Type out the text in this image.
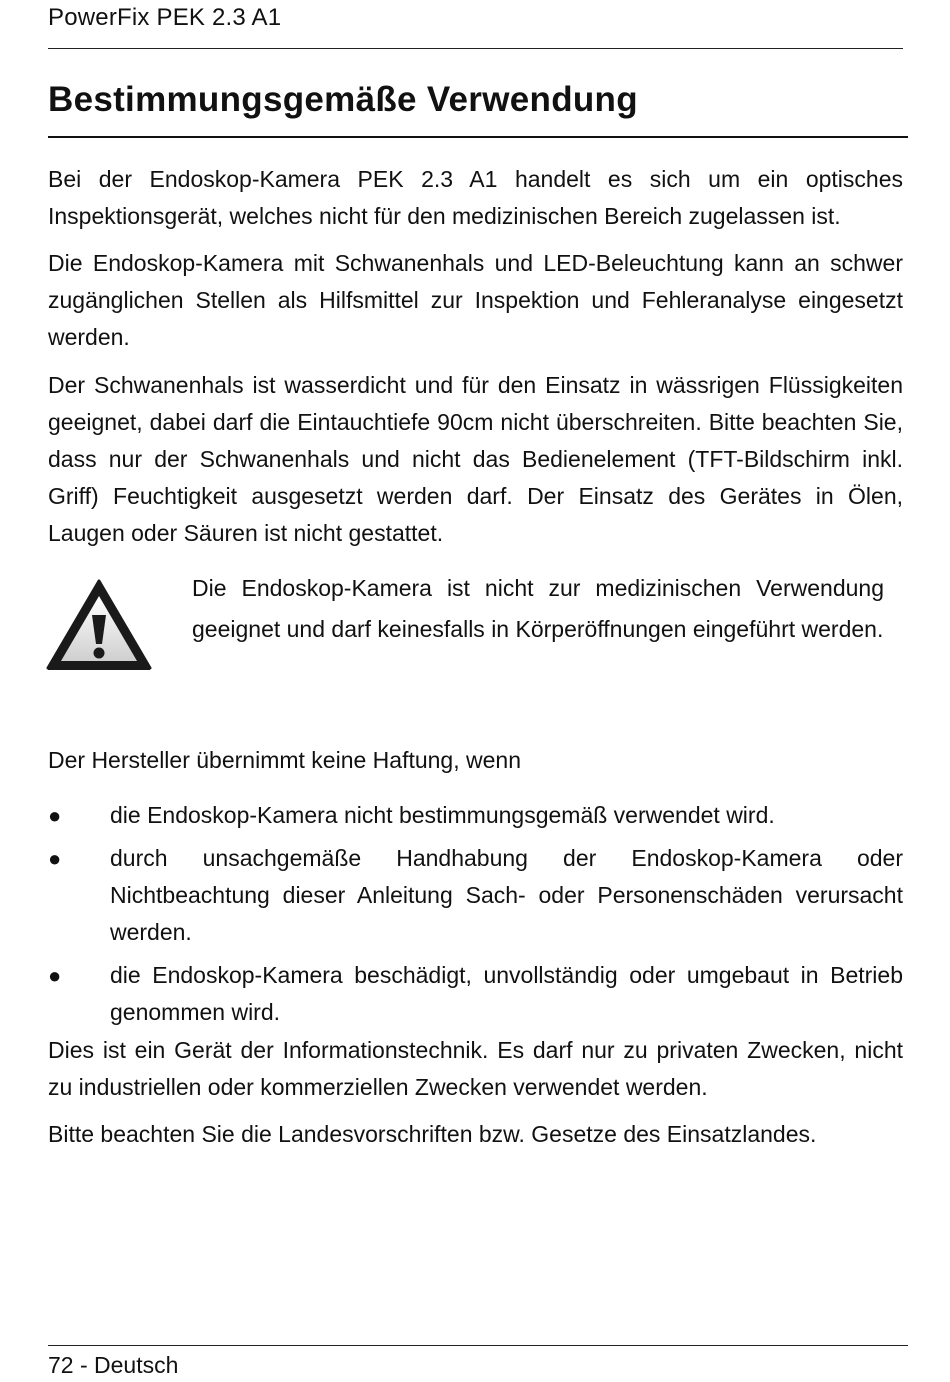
PowerFix PEK 2.3 A1
Bestimmungsgemäße Verwendung

Bei der Endoskop-Kamera PEK 2.3 A1 handelt es sich um ein optisches Inspektionsgerät, welches nicht für den medizinischen Bereich zugelassen ist.

Die Endoskop-Kamera mit Schwanenhals und LED-Beleuchtung kann an schwer zugänglichen Stellen als Hilfsmittel zur Inspektion und Fehleranalyse eingesetzt werden.

Der Schwanenhals ist wasserdicht und für den Einsatz in wässrigen Flüssigkeiten geeignet, dabei darf die Eintauchtiefe 90cm nicht überschreiten. Bitte beachten Sie, dass nur der Schwanenhals und nicht das Bedienelement (TFT-Bildschirm inkl. Griff) Feuchtigkeit ausgesetzt werden darf. Der Einsatz des Gerätes in Ölen, Laugen oder Säuren ist nicht gestattet.

Die Endoskop-Kamera ist nicht zur medizinischen Verwendung geeignet und darf keinesfalls in Körperöffnungen eingeführt werden.

Der Hersteller übernimmt keine Haftung, wenn

● die Endoskop-Kamera nicht bestimmungsgemäß verwendet wird.

● durch unsachgemäße Handhabung der Endoskop-Kamera oder Nichtbeachtung dieser Anleitung Sach- oder Personenschäden verursacht werden.

● die Endoskop-Kamera beschädigt, unvollständig oder umgebaut in Betrieb genommen wird.

Dies ist ein Gerät der Informationstechnik. Es darf nur zu privaten Zwecken, nicht zu industriellen oder kommerziellen Zwecken verwendet werden.

Bitte beachten Sie die Landesvorschriften bzw. Gesetze des Einsatzlandes.

72 - Deutsch
